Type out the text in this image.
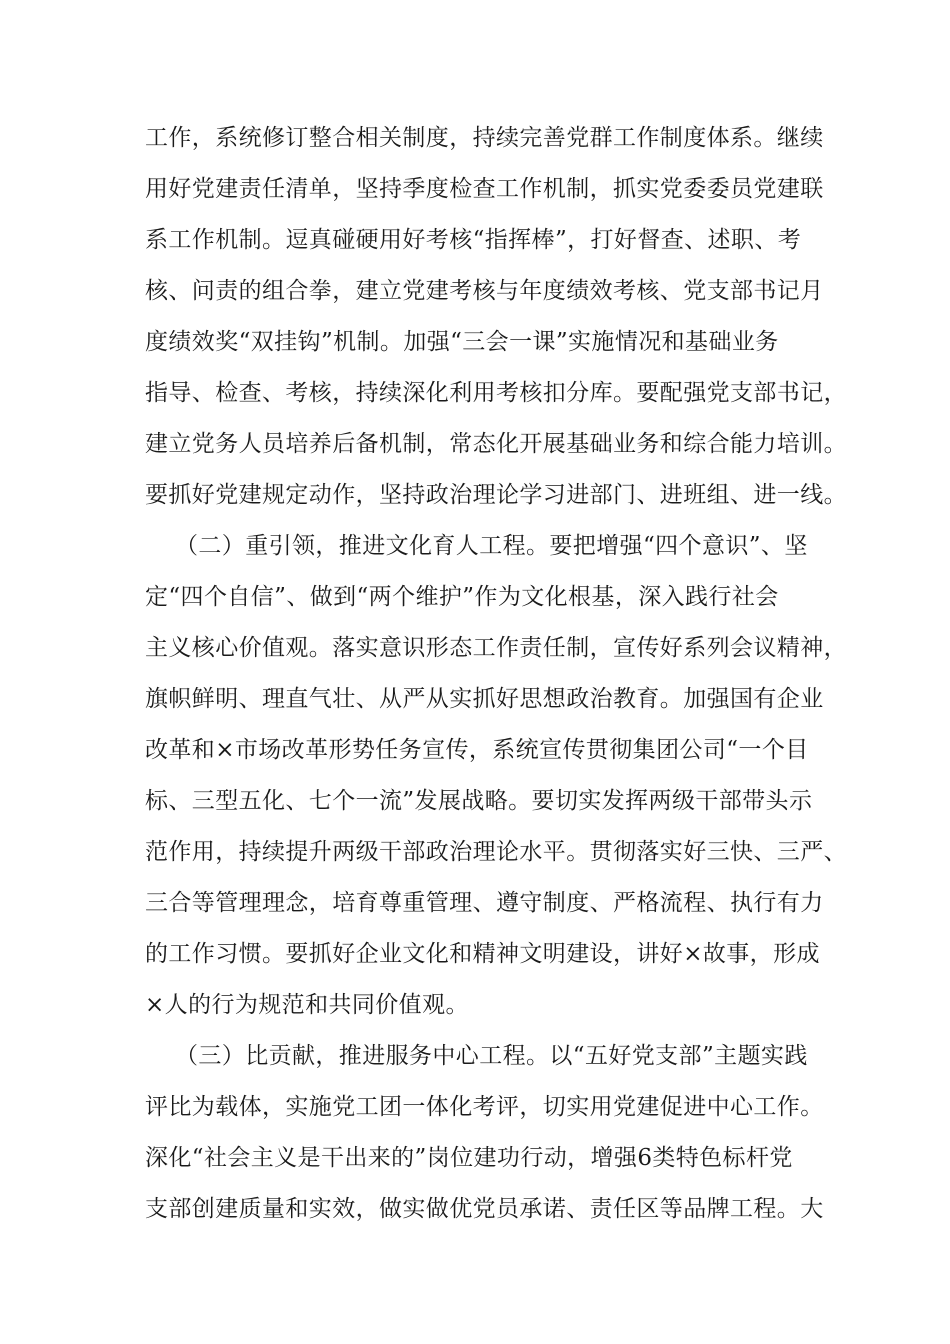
工作，系统修订整合相关制度，持续完善党群工作制度体系。继续
用好党建责任清单，坚持季度检查工作机制，抓实党委委员党建联
系工作机制。逗真碰硬用好考核“指挥棒”，打好督查、述职、考
核、问责的组合拳，建立党建考核与年度绩效考核、党支部书记月
度绩效奖“双挂钩”机制。加强“三会一课”实施情况和基础业务
指导、检查、考核，持续深化利用考核扣分库。要配强党支部书记，
建立党务人员培养后备机制，常态化开展基础业务和综合能力培训。
要抓好党建规定动作，坚持政治理论学习进部门、进班组、进一线。
（二）重引领，推进文化育人工程。要把增强“四个意识”、坚
定“四个自信”、做到“两个维护”作为文化根基，深入践行社会
主义核心价值观。落实意识形态工作责任制，宣传好系列会议精神，
旗帜鲜明、理直气壮、从严从实抓好思想政治教育。加强国有企业
改革和×市场改革形势任务宣传，系统宣传贯彻集团公司“一个目
标、三型五化、七个一流”发展战略。要切实发挥两级干部带头示
范作用，持续提升两级干部政治理论水平。贯彻落实好三快、三严、
三合等管理理念，培育尊重管理、遵守制度、严格流程、执行有力
的工作习惯。要抓好企业文化和精神文明建设，讲好×故事，形成
×人的行为规范和共同价值观。
（三）比贡献，推进服务中心工程。以“五好党支部”主题实践
评比为载体，实施党工团一体化考评，切实用党建促进中心工作。
深化“社会主义是干出来的”岗位建功行动，增强6类特色标杆党
支部创建质量和实效，做实做优党员承诺、责任区等品牌工程。大
